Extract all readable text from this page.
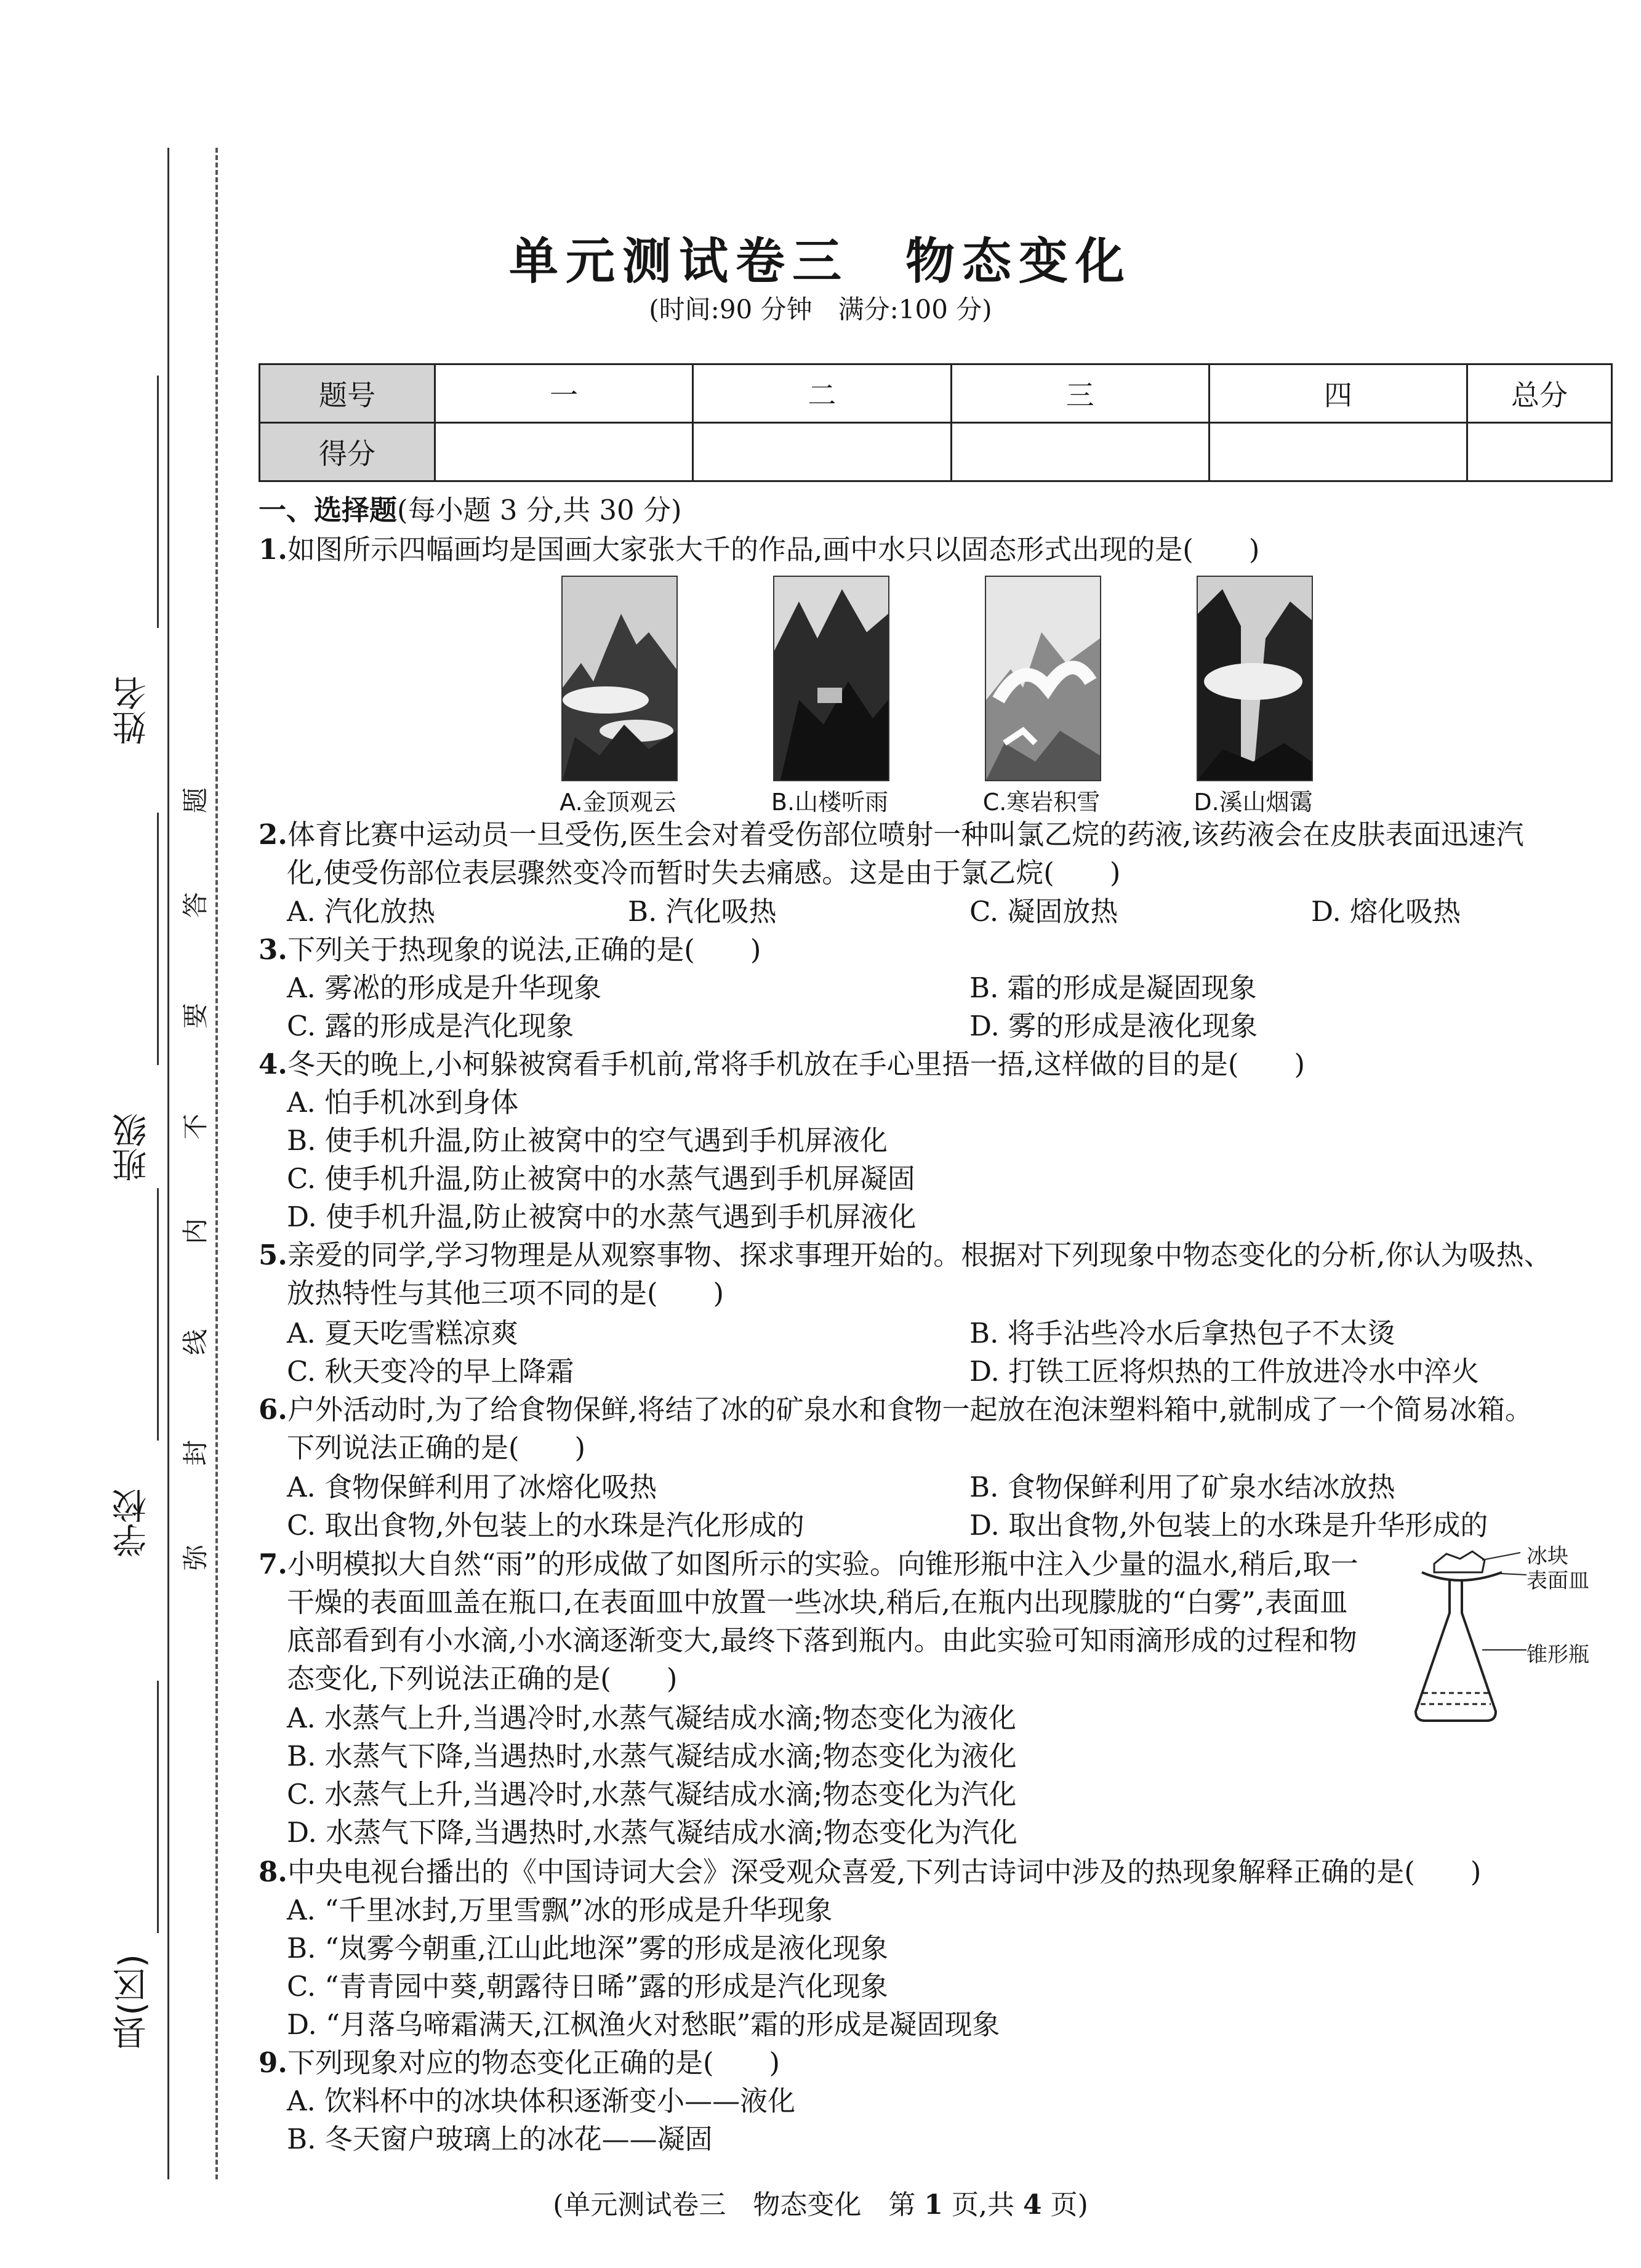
姓名
班级
学校
县(区)
题
答
要
不
内
线
封
弥
单元测试卷三　物态变化
(时间:90 分钟　满分:100 分)
题号	一	二	三	四	总分
得分					
一、选择题(每小题 3 分,共 30 分)
1.如图所示四幅画均是国画大家张大千的作品,画中水只以固态形式出现的是(　　)
A.金顶观云	B.山楼听雨	C.寒岩积雪	D.溪山烟霭
2.体育比赛中运动员一旦受伤,医生会对着受伤部位喷射一种叫氯乙烷的药液,该药液会在皮肤表面迅速汽
化,使受伤部位表层骤然变冷而暂时失去痛感。这是由于氯乙烷(　　)
A. 汽化放热	B. 汽化吸热	C. 凝固放热	D. 熔化吸热
3.下列关于热现象的说法,正确的是(　　)
A. 雾凇的形成是升华现象	B. 霜的形成是凝固现象
C. 露的形成是汽化现象	D. 雾的形成是液化现象
4.冬天的晚上,小柯躲被窝看手机前,常将手机放在手心里捂一捂,这样做的目的是(　　)
A. 怕手机冰到身体
B. 使手机升温,防止被窝中的空气遇到手机屏液化
C. 使手机升温,防止被窝中的水蒸气遇到手机屏凝固
D. 使手机升温,防止被窝中的水蒸气遇到手机屏液化
5.亲爱的同学,学习物理是从观察事物、探求事理开始的。根据对下列现象中物态变化的分析,你认为吸热、
放热特性与其他三项不同的是(　　)
A. 夏天吃雪糕凉爽	B. 将手沾些冷水后拿热包子不太烫
C. 秋天变冷的早上降霜	D. 打铁工匠将炽热的工件放进冷水中淬火
6.户外活动时,为了给食物保鲜,将结了冰的矿泉水和食物一起放在泡沫塑料箱中,就制成了一个简易冰箱。
下列说法正确的是(　　)
A. 食物保鲜利用了冰熔化吸热	B. 食物保鲜利用了矿泉水结冰放热
C. 取出食物,外包装上的水珠是汽化形成的	D. 取出食物,外包装上的水珠是升华形成的
7.小明模拟大自然“雨”的形成做了如图所示的实验。向锥形瓶中注入少量的温水,稍后,取一
干燥的表面皿盖在瓶口,在表面皿中放置一些冰块,稍后,在瓶内出现朦胧的“白雾”,表面皿
底部看到有小水滴,小水滴逐渐变大,最终下落到瓶内。由此实验可知雨滴形成的过程和物
态变化,下列说法正确的是(　　)
A. 水蒸气上升,当遇冷时,水蒸气凝结成水滴;物态变化为液化
B. 水蒸气下降,当遇热时,水蒸气凝结成水滴;物态变化为液化
C. 水蒸气上升,当遇冷时,水蒸气凝结成水滴;物态变化为汽化
D. 水蒸气下降,当遇热时,水蒸气凝结成水滴;物态变化为汽化
冰块
表面皿
锥形瓶
8.中央电视台播出的《中国诗词大会》深受观众喜爱,下列古诗词中涉及的热现象解释正确的是(　　)
A. “千里冰封,万里雪飘”冰的形成是升华现象
B. “岚雾今朝重,江山此地深”雾的形成是液化现象
C. “青青园中葵,朝露待日晞”露的形成是汽化现象
D. “月落乌啼霜满天,江枫渔火对愁眠”霜的形成是凝固现象
9.下列现象对应的物态变化正确的是(　　)
A. 饮料杯中的冰块体积逐渐变小——液化
B. 冬天窗户玻璃上的冰花——凝固
(单元测试卷三　物态变化　第 1 页,共 4 页)
